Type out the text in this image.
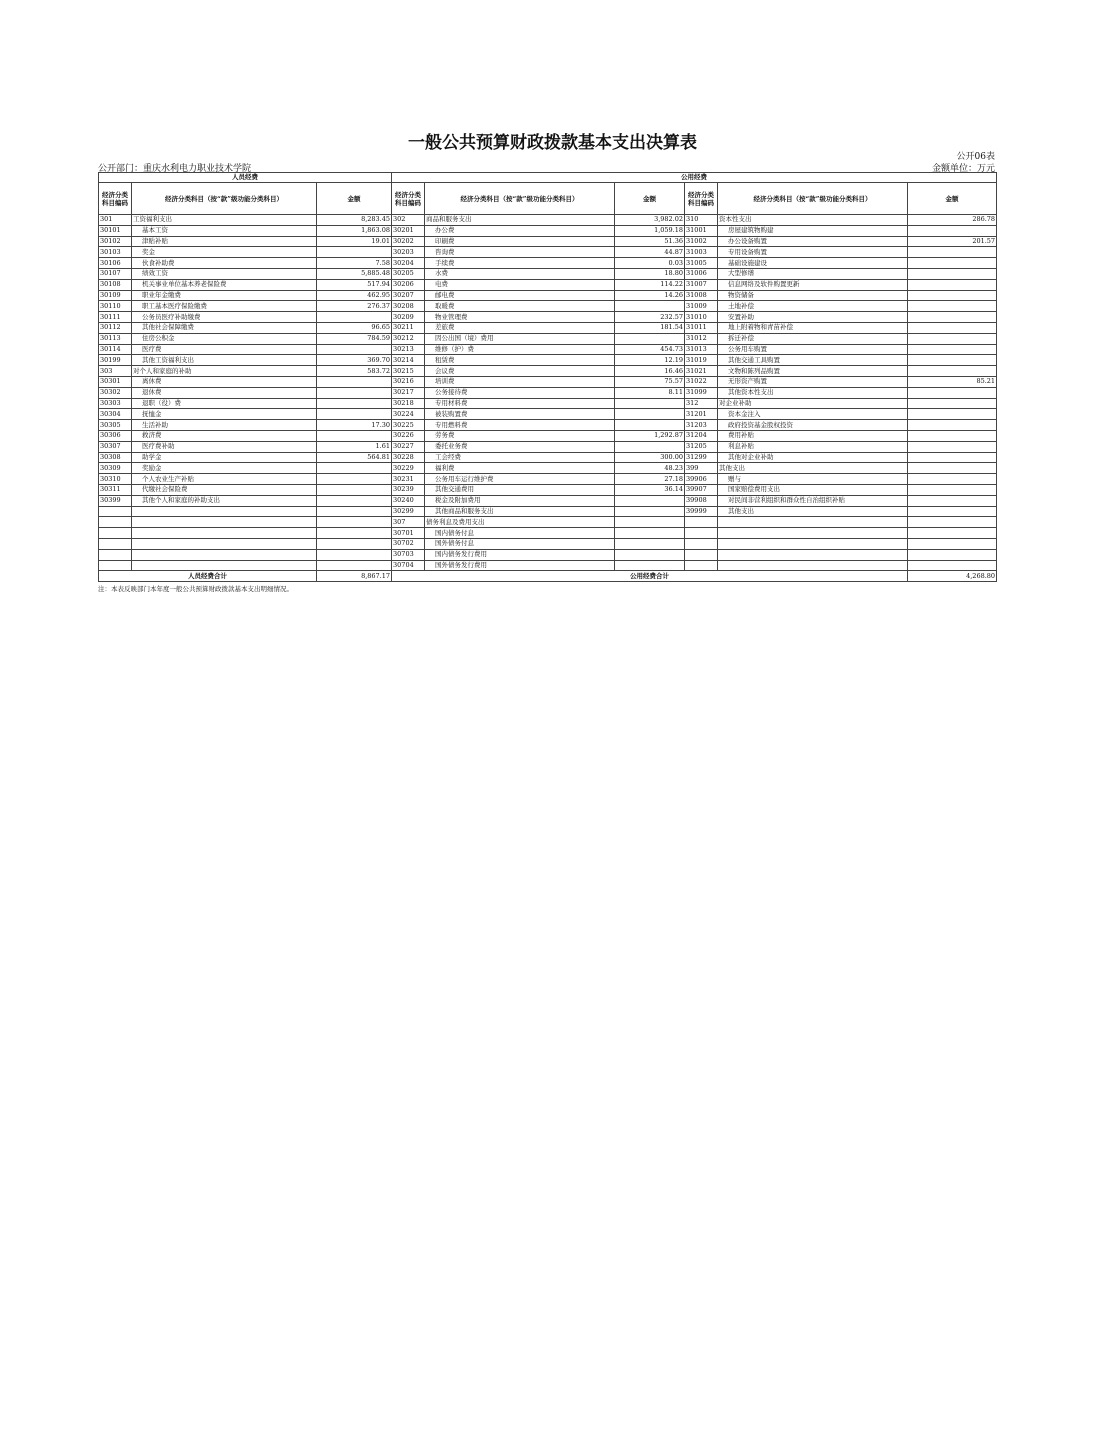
一般公共预算财政拨款基本支出决算表
公开06表
公开部门：重庆水利电力职业技术学院	金额单位：万元
人员经费			公用经费					
经济分类科目编码	经济分类科目（按“款”级功能分类科目）	金额	经济分类科目编码	经济分类科目（按“款”级功能分类科目）	金额	经济分类科目编码	经济分类科目（按“款”级功能分类科目）	金额
301	工资福利支出	8,283.45	302	商品和服务支出	3,982.02	310	资本性支出	286.78
30101	基本工资	1,863.08	30201	办公费	1,059.18	31001	房屋建筑物购建	
30102	津贴补贴	19.01	30202	印刷费	51.36	31002	办公设备购置	201.57
30103	奖金		30203	咨询费	44.87	31003	专用设备购置	
30106	伙食补助费	7.58	30204	手续费	0.03	31005	基础设施建设	
30107	绩效工资	5,885.48	30205	水费	18.80	31006	大型修缮	
30108	机关事业单位基本养老保险费	517.94	30206	电费	114.22	31007	信息网络及软件购置更新	
30109	职业年金缴费	462.95	30207	邮电费	14.26	31008	物资储备	
30110	职工基本医疗保险缴费	276.37	30208	取暖费		31009	土地补偿	
30111	公务员医疗补助缴费		30209	物业管理费	232.57	31010	安置补助	
30112	其他社会保障缴费	96.65	30211	差旅费	181.54	31011	地上附着物和青苗补偿	
30113	住房公积金	784.59	30212	因公出国（境）费用		31012	拆迁补偿	
30114	医疗费		30213	维修（护）费	454.73	31013	公务用车购置	
30199	其他工资福利支出	369.70	30214	租赁费	12.19	31019	其他交通工具购置	
303	对个人和家庭的补助	583.72	30215	会议费	16.46	31021	文物和陈列品购置	
30301	离休费		30216	培训费	75.57	31022	无形资产购置	85.21
30302	退休费		30217	公务接待费	8.11	31099	其他资本性支出	
30303	退职（役）费		30218	专用材料费		312	对企业补助	
30304	抚恤金		30224	被装购置费		31201	资本金注入	
30305	生活补助	17.30	30225	专用燃料费		31203	政府投资基金股权投资	
30306	救济费		30226	劳务费	1,292.87	31204	费用补贴	
30307	医疗费补助	1.61	30227	委托业务费		31205	利息补贴	
30308	助学金	564.81	30228	工会经费	300.00	31299	其他对企业补助	
30309	奖励金		30229	福利费	48.23	399	其他支出	
30310	个人农业生产补贴		30231	公务用车运行维护费	27.18	39906	赠与	
30311	代缴社会保险费		30239	其他交通费用	36.14	39907	国家赔偿费用支出	
30399	其他个人和家庭的补助支出		30240	税金及附加费用		39908	对民间非营利组织和群众性自治组织补贴	
			30299	其他商品和服务支出		39999	其他支出	
			307	债务利息及费用支出				
			30701	国内债务付息				
			30702	国外债务付息				
			30703	国内债务发行费用				
			30704	国外债务发行费用				
人员经费合计		8,867.17	公用经费合计					4,268.80
注：本表反映部门本年度一般公共预算财政拨款基本支出明细情况。
